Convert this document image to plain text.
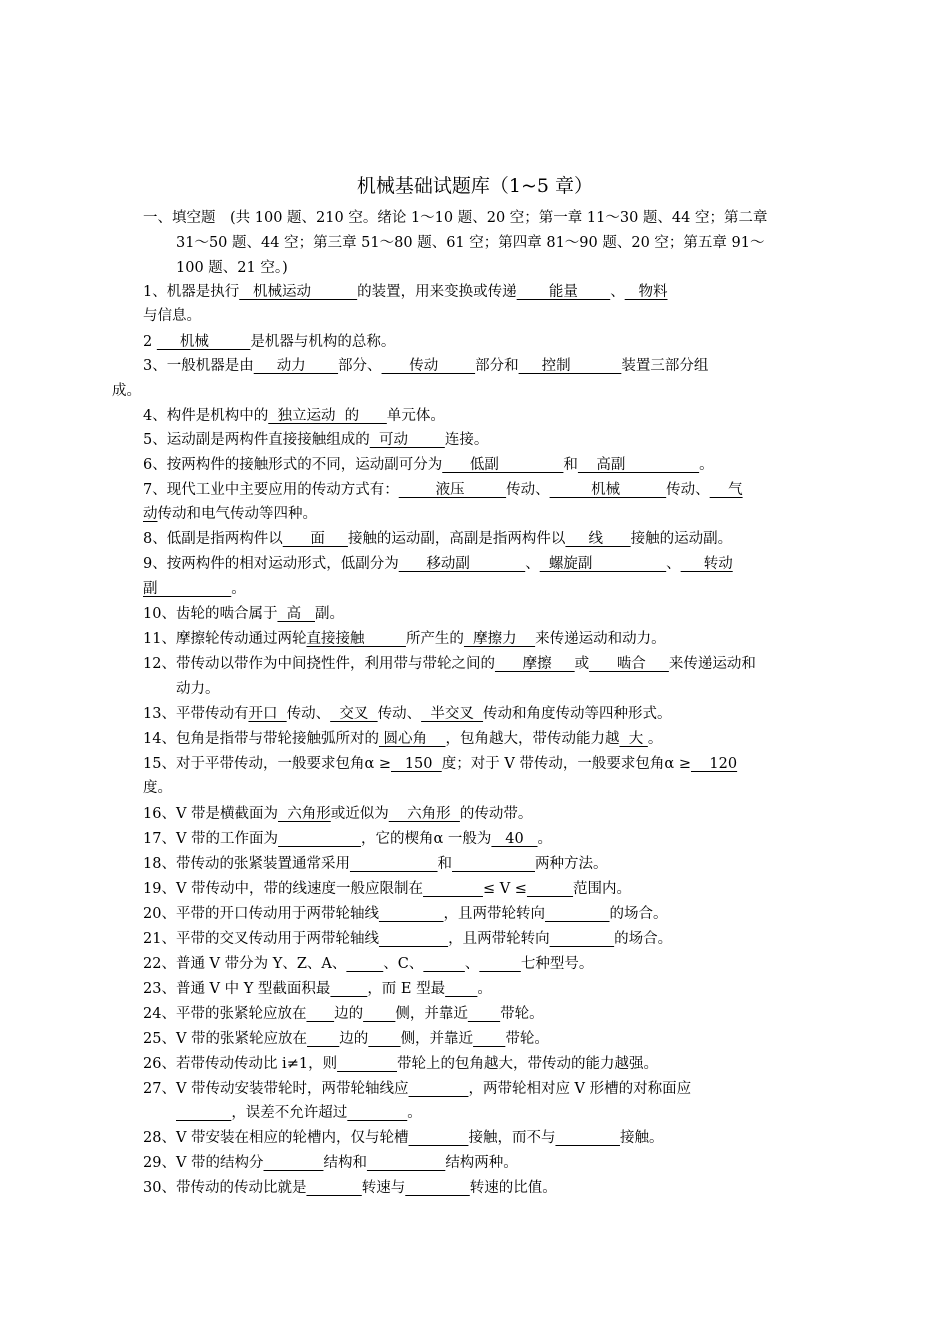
机械基础试题库（1~5 章）
一、填空题　(共 100 题、210 空。绪论 1～10 题、20 空；第一章 11～30 题、44 空；第二章
31～50 题、44 空；第三章 51～80 题、61 空；第四章 81～90 题、20 空；第五章 91～
100 题、21 空。)
1、机器是执行   机械运动          的装置，用来变换或传递       能量       、   物料
与信息。
2      机械         是机器与机构的总称。
3、一般机器是由     动力       部分、      传动        部分和     控制           装置三部分组
成。
4、构件是机构中的  独立运动  的      单元体。
5、运动副是两构件直接接触组成的  可动        连接。
6、按两构件的接触形式的不同，运动副可分为      低副              和    高副                。
7、现代工业中主要应用的传动方式有：        液压         传动、         机械          传动、    气
动传动和电气传动等四种。
8、低副是指两构件以      面     接触的运动副，高副是指两构件以     线      接触的运动副。
9、按两构件的相对运动形式，低副分为      移动副            、  螺旋副                、     转动
副                。
10、齿轮的啮合属于  高   副。
11、摩擦轮传动通过两轮直接接触         所产生的  摩擦力    来传递运动和动力。
12、带传动以带作为中间挠性件，利用带与带轮之间的      摩擦     或      啮合     来传递运动和
动力。
13、平带传动有开口  传动、  交叉  传动、  半交叉  传动和角度传动等四种形式。
14、包角是指带与带轮接触弧所对的 圆心角    ，包角越大，带传动能力越  大 。
15、对于平带传动，一般要求包角α ≥   150  度；对于 V 带传动，一般要求包角α ≥    120
度。
16、V 带是横截面为  六角形或近似为    六角形  的传动带。
17、V 带的工作面为	，它的楔角α 一般为   40   。
18、带传动的张紧装置通常采用	和	两种方法。
19、V 带传动中，带的线速度一般应限制在	≤ V ≤	范围内。
20、平带的开口传动用于两带轮轴线	，且两带轮转向	的场合。
21、平带的交叉传动用于两带轮轴线	，且两带轮转向	的场合。
22、普通 V 带分为 Y、Z、A、	、C、	、	七种型号。
23、普通 V 中 Y 型截面积最	，而 E 型最 。
24、平带的张紧轮应放在 边的 侧，并靠近 带轮。
25、V 带的张紧轮应放在 边的 侧，并靠近 带轮。
26、若带传动传动比 i≠1，则	带轮上的包角越大，带传动的能力越强。
27、V 带传动安装带轮时，两带轮轴线应	，两带轮相对应 V 形槽的对称面应
，误差不允许超过	。
28、V 带安装在相应的轮槽内，仅与轮槽	接触，而不与	接触。
29、V 带的结构分	结构和	结构两种。
30、带传动的传动比就是	转速与	转速的比值。
